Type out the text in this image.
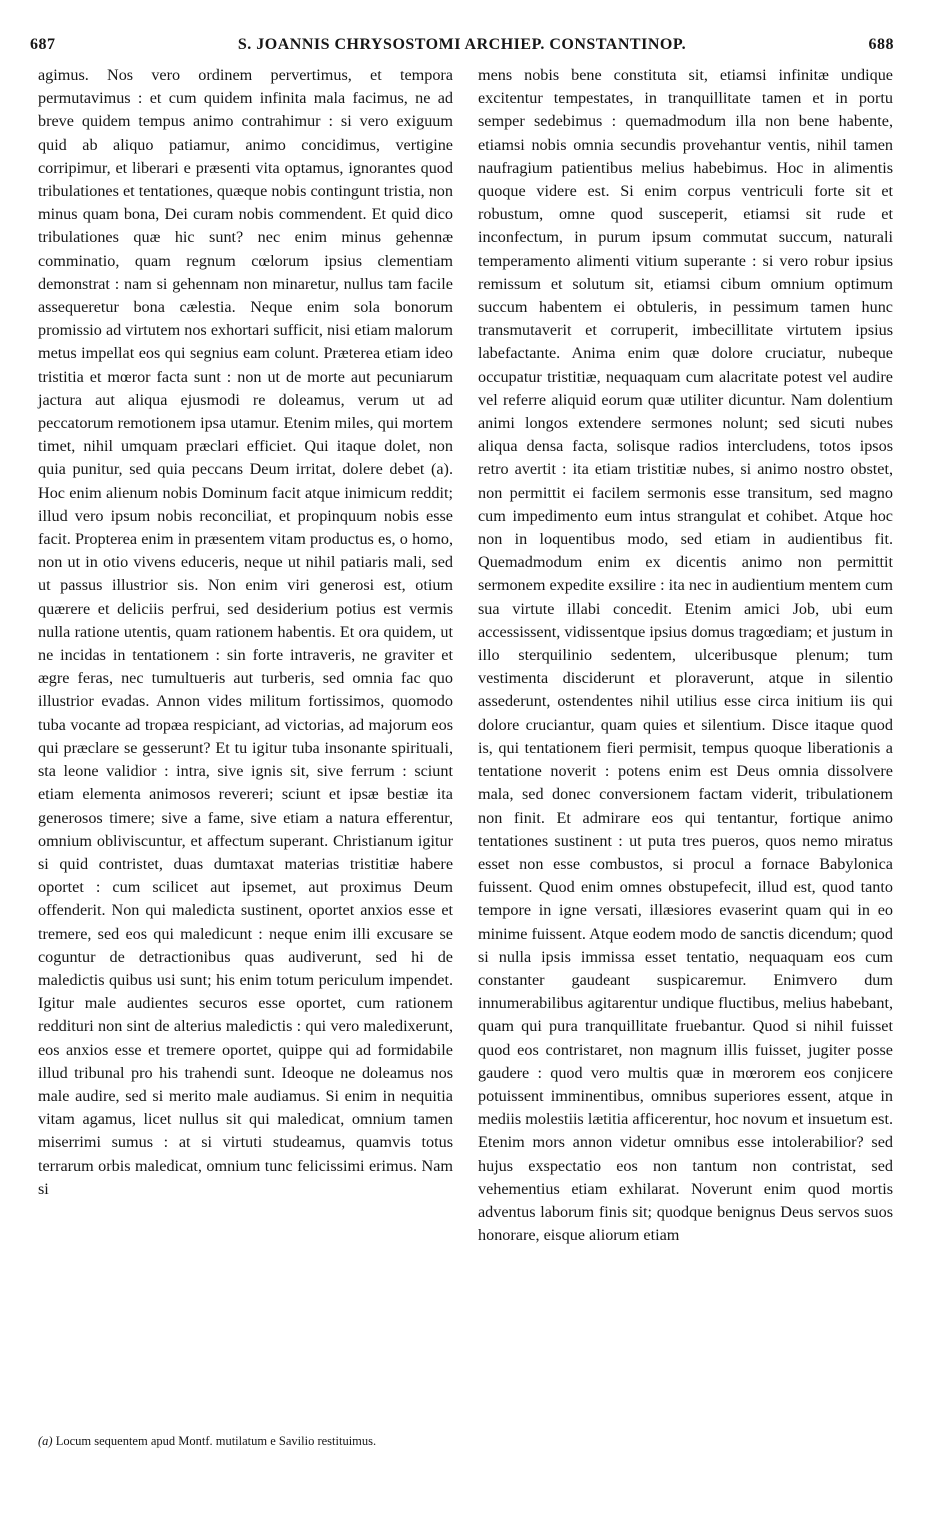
687	S. JOANNIS CHRYSOSTOMI ARCHIEP. CONSTANTINOP.	688

agimus. Nos vero ordinem pervertimus, et tempora permutavimus : et cum quidem infinita mala facimus, ne ad breve quidem tempus animo contrahimur : si vero exiguum quid ab aliquo patiamur, animo concidimus, vertigine corripimur, et liberari e præsenti vita optamus, ignorantes quod tribulationes et tentationes, quæque nobis contingunt tristia, non minus quam bona, Dei curam nobis commendent. Et quid dico tribulationes quæ hic sunt? nec enim minus gehennæ comminatio, quam regnum cœlorum ipsius clementiam demonstrat : nam si gehennam non minaretur, nullus tam facile assequeretur bona cælestia. Neque enim sola bonorum promissio ad virtutem nos exhortari sufficit, nisi etiam malorum metus impellat eos qui segnius eam colunt. Præterea etiam ideo tristitia et mœror facta sunt : non ut de morte aut pecuniarum jactura aut aliqua ejusmodi re doleamus, verum ut ad peccatorum remotionem ipsa utamur. Etenim miles, qui mortem timet, nihil umquam præclari efficiet. Qui itaque dolet, non quia punitur, sed quia peccans Deum irritat, dolere debet (a). Hoc enim alienum nobis Dominum facit atque inimicum reddit; illud vero ipsum nobis reconciliat, et propinquum nobis esse facit. Propterea enim in præsentem vitam productus es, o homo, non ut in otio vivens educeris, neque ut nihil patiaris mali, sed ut passus illustrior sis. Non enim viri generosi est, otium quærere et deliciis perfrui, sed desiderium potius est vermis nulla ratione utentis, quam rationem habentis. Et ora quidem, ut ne incidas in tentationem : sin forte intraveris, ne graviter et ægre feras, nec tumultueris aut turberis, sed omnia fac quo illustrior evadas. Annon vides militum fortissimos, quomodo tuba vocante ad tropæa respiciant, ad victorias, ad majorum eos qui præclare se gesserunt? Et tu igitur tuba insonante spirituali, sta leone validior : intra, sive ignis sit, sive ferrum : sciunt etiam elementa animosos revereri; sciunt et ipsæ bestiæ ita generosos timere; sive a fame, sive etiam a natura efferentur, omnium obliviscuntur, et affectum superant. Christianum igitur si quid contristet, duas dumtaxat materias tristitiæ habere oportet : cum scilicet aut ipsemet, aut proximus Deum offenderit. Non qui maledicta sustinent, oportet anxios esse et tremere, sed eos qui maledicunt : neque enim illi excusare se coguntur de detractionibus quas audiverunt, sed hi de maledictis quibus usi sunt; his enim totum periculum impendet. Igitur male audientes securos esse oportet, cum rationem reddituri non sint de alterius maledictis : qui vero maledixerunt, eos anxios esse et tremere oportet, quippe qui ad formidabile illud tribunal pro his trahendi sunt. Ideoque ne doleamus nos male audire, sed si merito male audiamus. Si enim in nequitia vitam agamus, licet nullus sit qui maledicat, omnium tamen miserrimi sumus : at si virtuti studeamus, quamvis totus terrarum orbis maledicat, omnium tunc felicissimi erimus. Nam si

mens nobis bene constituta sit, etiamsi infinitæ undique excitentur tempestates, in tranquillitate tamen et in portu semper sedebimus : quemadmodum illa non bene habente, etiamsi nobis omnia secundis provehantur ventis, nihil tamen naufragium patientibus melius habebimus. Hoc in alimentis quoque videre est. Si enim corpus ventriculi forte sit et robustum, omne quod susceperit, etiamsi sit rude et inconfectum, in purum ipsum commutat succum, naturali temperamento alimenti vitium superante : si vero robur ipsius remissum et solutum sit, etiamsi cibum omnium optimum succum habentem ei obtuleris, in pessimum tamen hunc transmutaverit et corruperit, imbecillitate virtutem ipsius labefactante. Anima enim quæ dolore cruciatur, nubeque occupatur tristitiæ, nequaquam cum alacritate potest vel audire vel referre aliquid eorum quæ utiliter dicuntur. Nam dolentium animi longos extendere sermones nolunt; sed sicuti nubes aliqua densa facta, solisque radios intercludens, totos ipsos retro avertit : ita etiam tristitiæ nubes, si animo nostro obstet, non permittit ei facilem sermonis esse transitum, sed magno cum impedimento eum intus strangulat et cohibet. Atque hoc non in loquentibus modo, sed etiam in audientibus fit. Quemadmodum enim ex dicentis animo non permittit sermonem expedite exsilire : ita nec in audientium mentem cum sua virtute illabi concedit. Etenim amici Job, ubi eum accessissent, vidissentque ipsius domus tragœdiam; et justum in illo sterquilinio sedentem, ulceribusque plenum; tum vestimenta disciderunt et ploraverunt, atque in silentio assederunt, ostendentes nihil utilius esse circa initium iis qui dolore cruciantur, quam quies et silentium. Disce itaque quod is, qui tentationem fieri permisit, tempus quoque liberationis a tentatione noverit : potens enim est Deus omnia dissolvere mala, sed donec conversionem factam viderit, tribulationem non finit. Et admirare eos qui tentantur, fortique animo tentationes sustinent : ut puta tres pueros, quos nemo miratus esset non esse combustos, si procul a fornace Babylonica fuissent. Quod enim omnes obstupefecit, illud est, quod tanto tempore in igne versati, illæsiores evaserint quam qui in eo minime fuissent. Atque eodem modo de sanctis dicendum; quod si nulla ipsis immissa esset tentatio, nequaquam eos cum constanter gaudeant suspicaremur. Enimvero dum innumerabilibus agitarentur undique fluctibus, melius habebant, quam qui pura tranquillitate fruebantur. Quod si nihil fuisset quod eos contristaret, non magnum illis fuisset, jugiter posse gaudere : quod vero multis quæ in mœrorem eos conjicere potuissent imminentibus, omnibus superiores essent, atque in mediis molestiis lætitia afficerentur, hoc novum et insuetum est. Etenim mors annon videtur omnibus esse intolerabilior? sed hujus exspectatio eos non tantum non contristat, sed vehementius etiam exhilarat. Noverunt enim quod mortis adventus laborum finis sit; quodque benignus Deus servos suos honorare, eisque aliorum etiam

(a) Locum sequentem apud Montf. mutilatum e Savilio restituimus.
